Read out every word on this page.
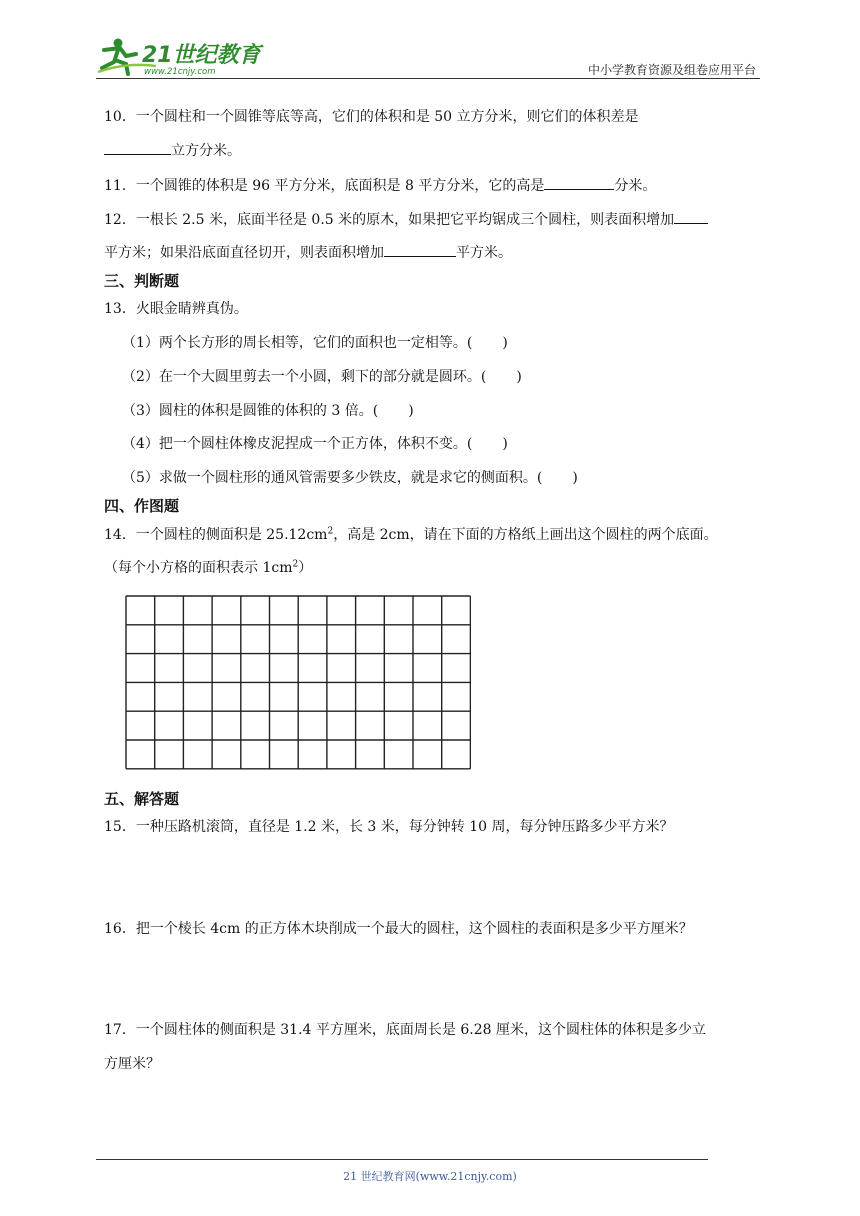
21世纪教育
www.21cnjy.com	中小学教育资源及组卷应用平台
10．一个圆柱和一个圆锥等底等高，它们的体积和是 50 立方分米，则它们的体积差是
立方分米。
11．一个圆锥的体积是 96 平方分米，底面积是 8 平方分米，它的高是	分米。
12．一根长 2.5 米，底面半径是 0.5 米的原木，如果把它平均锯成三个圆柱，则表面积增加
平方米；如果沿底面直径切开，则表面积增加	平方米。
三、判断题
13．火眼金睛辨真伪。
（1）两个长方形的周长相等，它们的面积也一定相等。( )
（2）在一个大圆里剪去一个小圆，剩下的部分就是圆环。( )
（3）圆柱的体积是圆锥的体积的 3 倍。( )
（4）把一个圆柱体橡皮泥捏成一个正方体，体积不变。( )
（5）求做一个圆柱形的通风管需要多少铁皮，就是求它的侧面积。( )
四、作图题
14．一个圆柱的侧面积是 $25.12cm^2$，高是 2cm，请在下面的方格纸上画出这个圆柱的两个底面。
（每个小方格的面积表示 $1cm^2$）
五、解答题
15．一种压路机滚筒，直径是 1.2 米，长 3 米，每分钟转 10 周，每分钟压路多少平方米？
16．把一个棱长 4cm 的正方体木块削成一个最大的圆柱，这个圆柱的表面积是多少平方厘米？
17．一个圆柱体的侧面积是 31.4 平方厘米，底面周长是 6.28 厘米，这个圆柱体的体积是多少立
方厘米？
21 世纪教育网(www.21cnjy.com)
